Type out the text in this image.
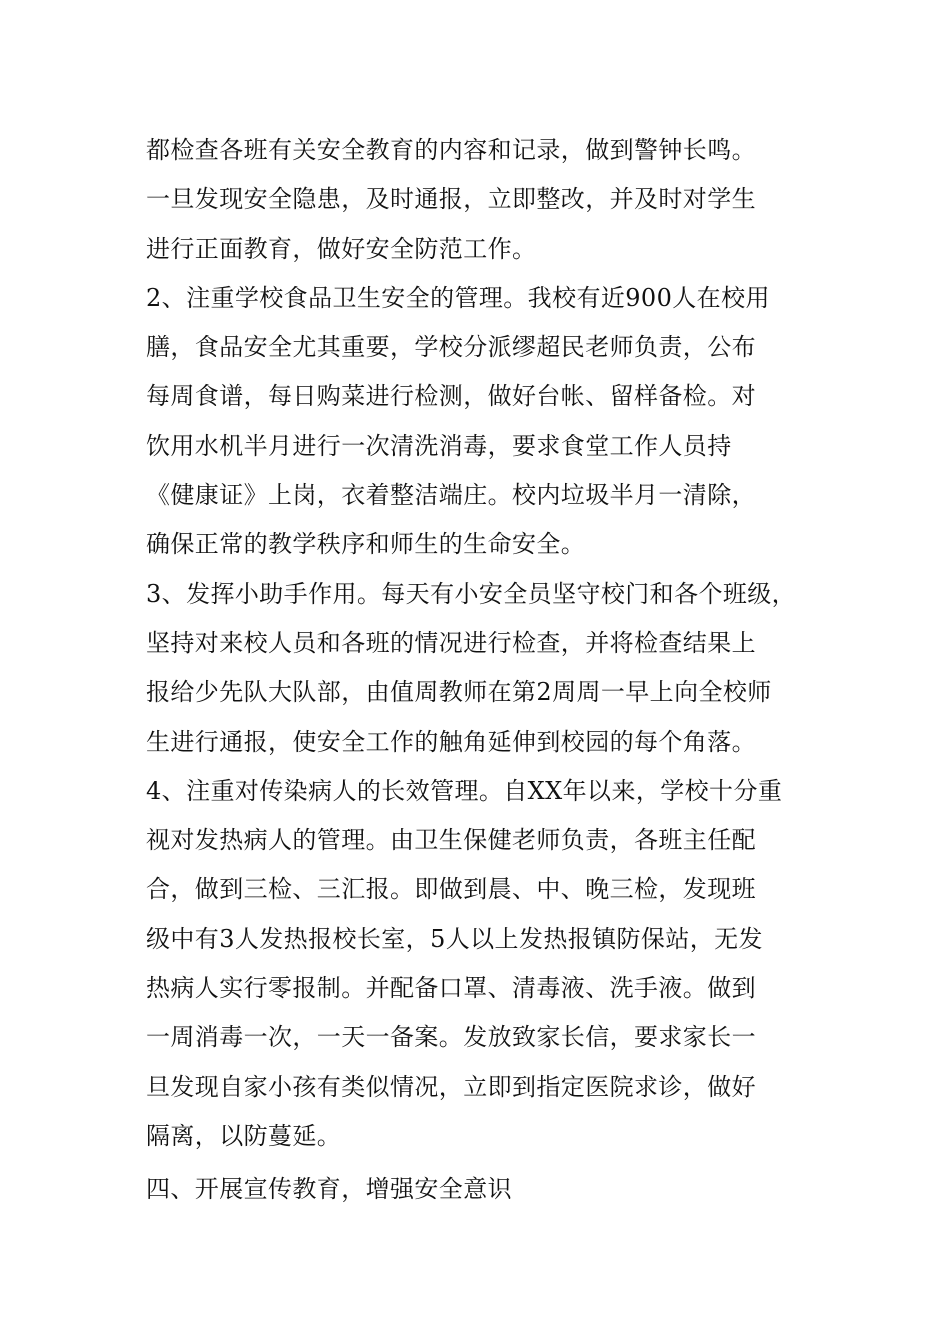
都检查各班有关安全教育的内容和记录，做到警钟长鸣。
一旦发现安全隐患，及时通报，立即整改，并及时对学生
进行正面教育，做好安全防范工作。
2、注重学校食品卫生安全的管理。我校有近900人在校用
膳，食品安全尤其重要，学校分派缪超民老师负责，公布
每周食谱，每日购菜进行检测，做好台帐、留样备检。对
饮用水机半月进行一次清洗消毒，要求食堂工作人员持
《健康证》上岗，衣着整洁端庄。校内垃圾半月一清除，
确保正常的教学秩序和师生的生命安全。
3、发挥小助手作用。每天有小安全员坚守校门和各个班级，
坚持对来校人员和各班的情况进行检查，并将检查结果上
报给少先队大队部，由值周教师在第2周周一早上向全校师
生进行通报，使安全工作的触角延伸到校园的每个角落。
4、注重对传染病人的长效管理。自XX年以来，学校十分重
视对发热病人的管理。由卫生保健老师负责，各班主任配
合，做到三检、三汇报。即做到晨、中、晚三检，发现班
级中有3人发热报校长室，5人以上发热报镇防保站，无发
热病人实行零报制。并配备口罩、清毒液、洗手液。做到
一周消毒一次，一天一备案。发放致家长信，要求家长一
旦发现自家小孩有类似情况，立即到指定医院求诊，做好
隔离，以防蔓延。
四、开展宣传教育，增强安全意识
